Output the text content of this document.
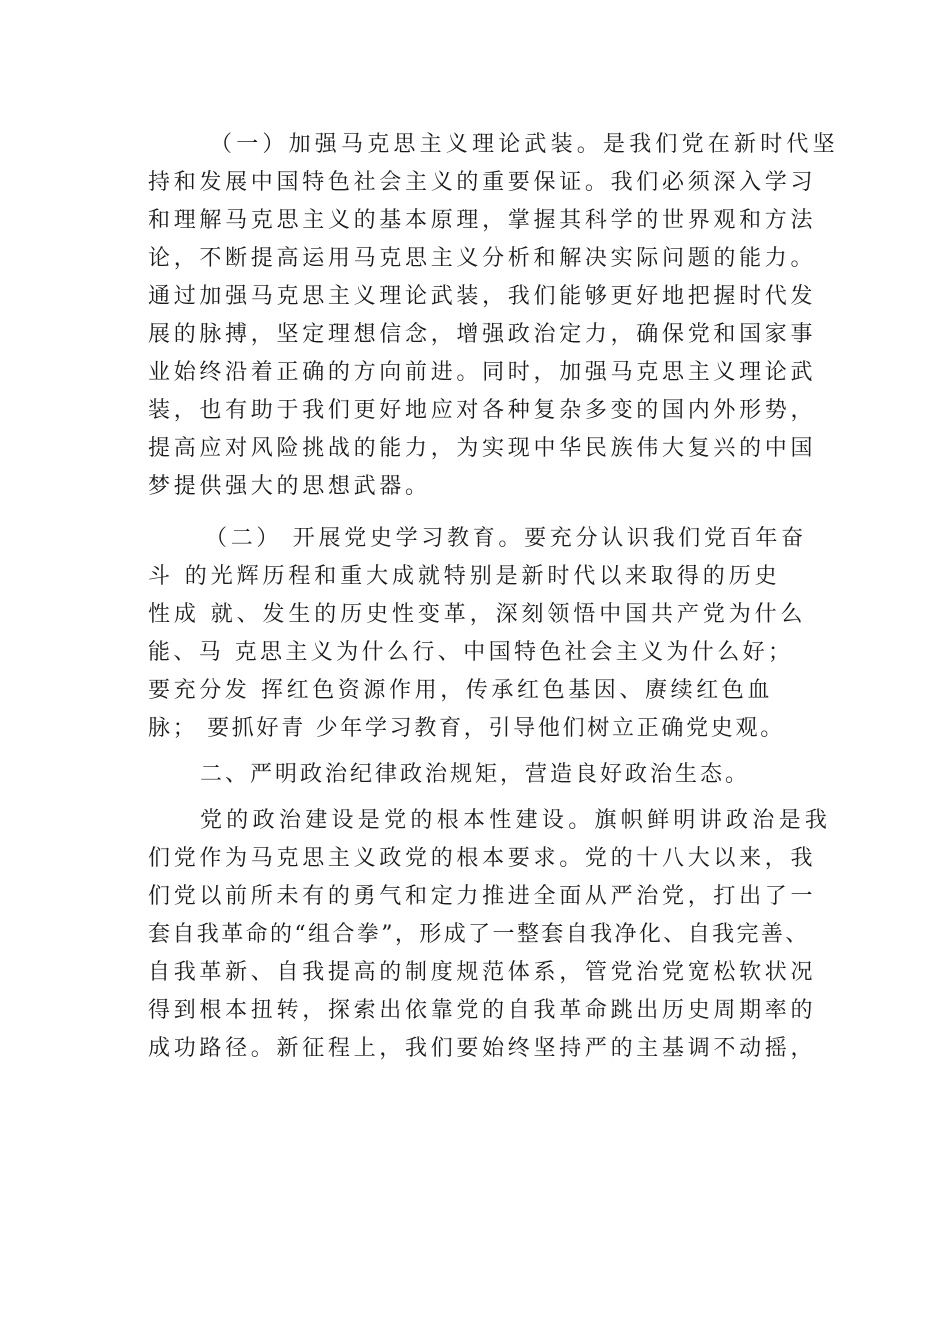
（一）加强马克思主义理论武装。是我们党在新时代坚

持和发展中国特色社会主义的重要保证。我们必须深入学习

和理解马克思主义的基本原理，掌握其科学的世界观和方法

论，不断提高运用马克思主义分析和解决实际问题的能力。

通过加强马克思主义理论武装，我们能够更好地把握时代发

展的脉搏，坚定理想信念，增强政治定力，确保党和国家事

业始终沿着正确的方向前进。同时，加强马克思主义理论武

装，也有助于我们更好地应对各种复杂多变的国内外形势，

提高应对风险挑战的能力，为实现中华民族伟大复兴的中国

梦提供强大的思想武器。

（二） 开展党史学习教育。要充分认识我们党百年奋

斗 的光辉历程和重大成就特别是新时代以来取得的历史

性成 就、发生的历史性变革，深刻领悟中国共产党为什么

能、马 克思主义为什么行、中国特色社会主义为什么好；

要充分发 挥红色资源作用，传承红色基因、赓续红色血

脉； 要抓好青 少年学习教育，引导他们树立正确党史观。

二、严明政治纪律政治规矩，营造良好政治生态。

党的政治建设是党的根本性建设。旗帜鲜明讲政治是我

们党作为马克思主义政党的根本要求。党的十八大以来，我

们党以前所未有的勇气和定力推进全面从严治党，打出了一

套自我革命的“组合拳”，形成了一整套自我净化、自我完善、

自我革新、自我提高的制度规范体系，管党治党宽松软状况

得到根本扭转，探索出依靠党的自我革命跳出历史周期率的

成功路径。新征程上，我们要始终坚持严的主基调不动摇，
